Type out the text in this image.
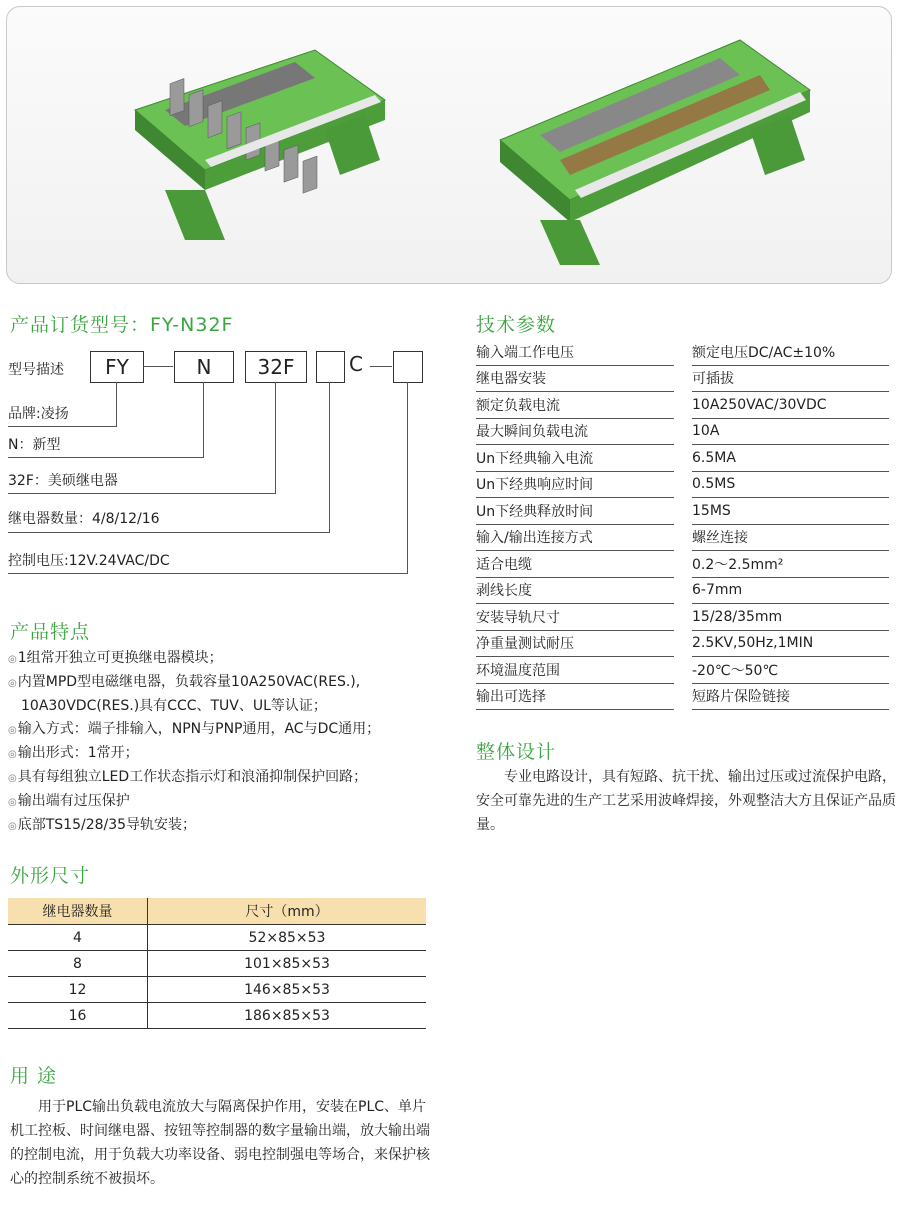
产品订货型号：FY-N32F
型号描述	FY	N	32F	C
品牌:凌扬
N：新型
32F：美硕继电器
继电器数量：4/8/12/16
控制电压:12V.24VAC/DC
产品特点
◎1组常开独立可更换继电器模块；
◎内置MPD型电磁继电器，负载容量10A250VAC(RES.),
10A30VDC(RES.)具有CCC、TUV、UL等认证；
◎输入方式：端子排输入，NPN与PNP通用，AC与DC通用；
◎输出形式：1常开；
◎具有每组独立LED工作状态指示灯和浪涌抑制保护回路；
◎输出端有过压保护
◎底部TS15/28/35导轨安装；
外形尺寸
继电器数量	尺寸（mm）
4	52×85×53
8	101×85×53
12	146×85×53
16	186×85×53
用 途
用于PLC输出负载电流放大与隔离保护作用，安装在PLC、单片机工控板、时间继电器、按钮等控制器的数字量输出端，放大输出端的控制电流，用于负载大功率设备、弱电控制强电等场合，来保护核心的控制系统不被损坏。
技术参数
输入端工作电压		额定电压DC/AC±10%
继电器安装		可插拔
额定负载电流		10A250VAC/30VDC
最大瞬间负载电流		10A
Un下经典输入电流		6.5MA
Un下经典响应时间		0.5MS
Un下经典释放时间		15MS
输入/输出连接方式		螺丝连接
适合电缆		0.2～2.5mm²
剥线长度		6-7mm
安装导轨尺寸		15/28/35mm
净重量测试耐压		2.5KV,50Hz,1MIN
环境温度范围		-20℃～50℃
输出可选择		短路片保险链接
整体设计
专业电路设计，具有短路、抗干扰、输出过压或过流保护电路，安全可靠先进的生产工艺采用波峰焊接，外观整洁大方且保证产品质量。
